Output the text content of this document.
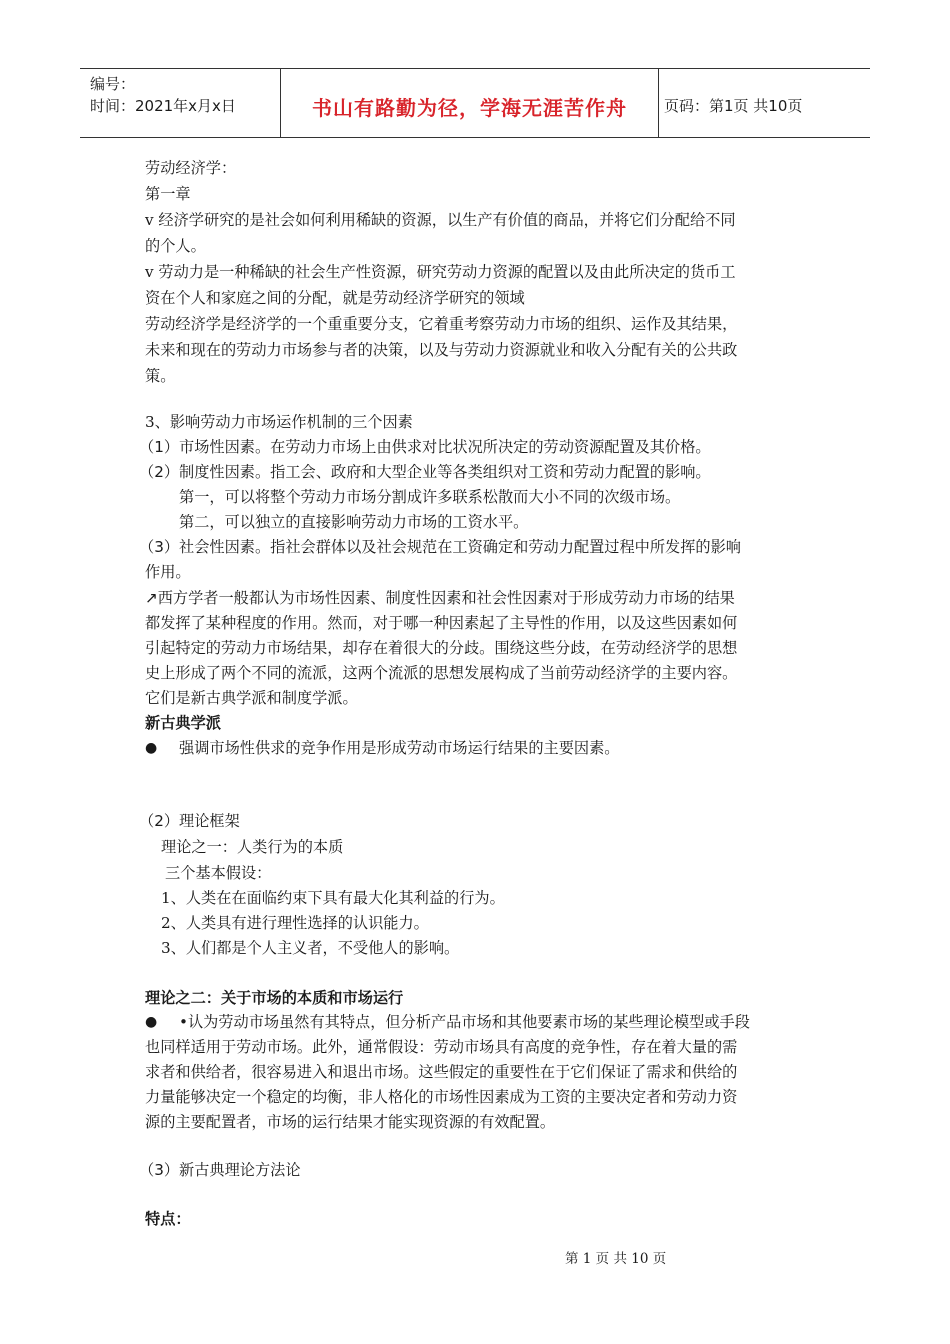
编号：
时间：2021年x月x日	书山有路勤为径，学海无涯苦作舟	页码：第1页 共10页
劳动经济学：
第一章
v 经济学研究的是社会如何利用稀缺的资源，以生产有价值的商品，并将它们分配给不同
的个人。
v 劳动力是一种稀缺的社会生产性资源，研究劳动力资源的配置以及由此所决定的货币工
资在个人和家庭之间的分配，就是劳动经济学研究的领域
劳动经济学是经济学的一个重重要分支，它着重考察劳动力市场的组织、运作及其结果，
未来和现在的劳动力市场参与者的决策，以及与劳动力资源就业和收入分配有关的公共政
策。
3、影响劳动力市场运作机制的三个因素
（1）市场性因素。在劳动力市场上由供求对比状况所决定的劳动资源配置及其价格。
（2）制度性因素。指工会、政府和大型企业等各类组织对工资和劳动力配置的影响。
第一，可以将整个劳动力市场分割成许多联系松散而大小不同的次级市场。
第二，可以独立的直接影响劳动力市场的工资水平。
（3）社会性因素。指社会群体以及社会规范在工资确定和劳动力配置过程中所发挥的影响
作用。
↗西方学者一般都认为市场性因素、制度性因素和社会性因素对于形成劳动力市场的结果
都发挥了某种程度的作用。然而，对于哪一种因素起了主导性的作用，以及这些因素如何
引起特定的劳动力市场结果，却存在着很大的分歧。围绕这些分歧，在劳动经济学的思想
史上形成了两个不同的流派，这两个流派的思想发展构成了当前劳动经济学的主要内容。
它们是新古典学派和制度学派。
新古典学派
● 强调市场性供求的竞争作用是形成劳动市场运行结果的主要因素。
（2）理论框架
理论之一：人类行为的本质
三个基本假设：
1、人类在在面临约束下具有最大化其利益的行为。
2、人类具有进行理性选择的认识能力。
3、人们都是个人主义者，不受他人的影响。
理论之二：关于市场的本质和市场运行
● •认为劳动市场虽然有其特点，但分析产品市场和其他要素市场的某些理论模型或手段
也同样适用于劳动市场。此外，通常假设：劳动市场具有高度的竞争性，存在着大量的需
求者和供给者，很容易进入和退出市场。这些假定的重要性在于它们保证了需求和供给的
力量能够决定一个稳定的均衡，非人格化的市场性因素成为工资的主要决定者和劳动力资
源的主要配置者，市场的运行结果才能实现资源的有效配置。
（3）新古典理论方法论
特点：
第 1 页 共 10 页
